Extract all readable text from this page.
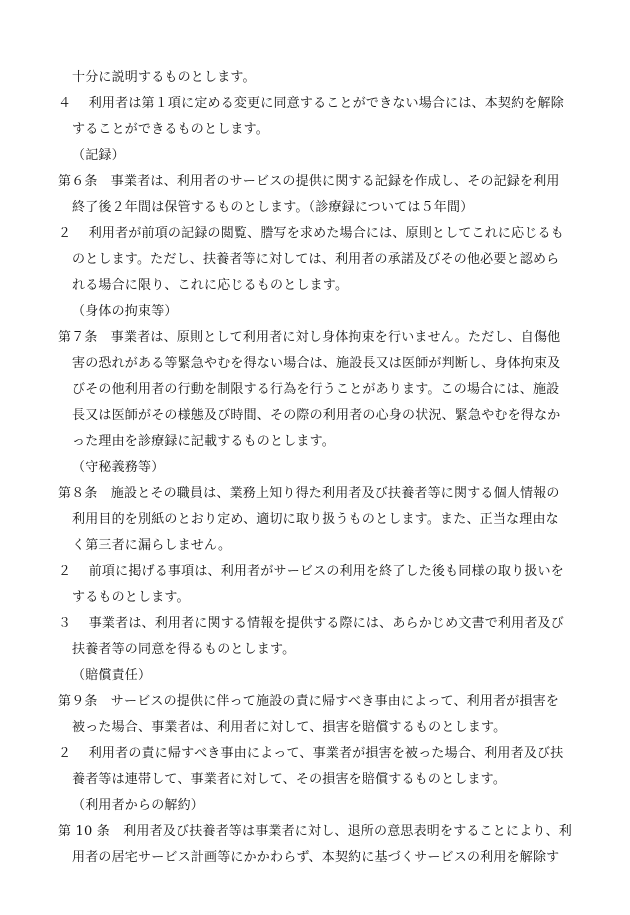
十分に説明するものとします。

４　 利用者は第１項に定める変更に同意することができない場合には、本契約を解除

することができるものとします。

（記録）

第６条　事業者は、利用者のサービスの提供に関する記録を作成し、その記録を利用

終了後２年間は保管するものとします。（診療録については５年間）

２　 利用者が前項の記録の閲覧、謄写を求めた場合には、原則としてこれに応じるも

のとします。ただし、扶養者等に対しては、利用者の承諾及びその他必要と認めら

れる場合に限り、これに応じるものとします。

（身体の拘束等）

第７条　事業者は、原則として利用者に対し身体拘束を行いません。ただし、自傷他

害の恐れがある等緊急やむを得ない場合は、施設長又は医師が判断し、身体拘束及

びその他利用者の行動を制限する行為を行うことがあります。この場合には、施設

長又は医師がその様態及び時間、その際の利用者の心身の状況、緊急やむを得なか

った理由を診療録に記載するものとします。

（守秘義務等）

第８条　施設とその職員は、業務上知り得た利用者及び扶養者等に関する個人情報の

利用目的を別紙のとおり定め、適切に取り扱うものとします。また、正当な理由な

く第三者に漏らしません。

２　 前項に掲げる事項は、利用者がサービスの利用を終了した後も同様の取り扱いを

するものとします。

３　 事業者は、利用者に関する情報を提供する際には、あらかじめ文書で利用者及び

扶養者等の同意を得るものとします。

（賠償責任）

第９条　サービスの提供に伴って施設の責に帰すべき事由によって、利用者が損害を

被った場合、事業者は、利用者に対して、損害を賠償するものとします。

２　 利用者の責に帰すべき事由によって、事業者が損害を被った場合、利用者及び扶

養者等は連帯して、事業者に対して、その損害を賠償するものとします。

（利用者からの解約）

第 10 条　利用者及び扶養者等は事業者に対し、退所の意思表明をすることにより、利

用者の居宅サービス計画等にかかわらず、本契約に基づくサービスの利用を解除す
